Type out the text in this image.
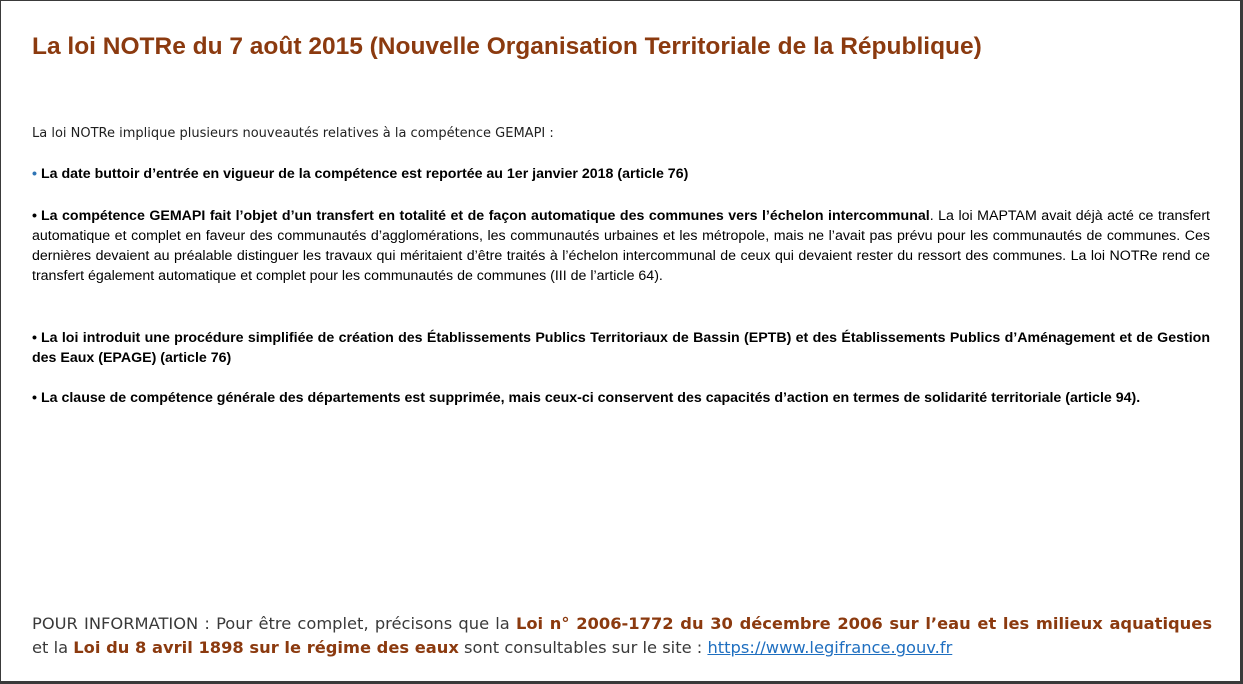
La loi NOTRe du 7 août 2015 (Nouvelle Organisation Territoriale de la République)

La loi NOTRe implique plusieurs nouveautés relatives à la compétence GEMAPI :

• La date buttoir d’entrée en vigueur de la compétence est reportée au 1er janvier 2018 (article 76)

• La compétence GEMAPI fait l’objet d’un transfert en totalité et de façon automatique des communes vers l’échelon intercommunal. La loi MAPTAM avait déjà acté ce transfert automatique et complet en faveur des communautés d’agglomérations, les communautés urbaines et les métropole, mais ne l’avait pas prévu pour les communautés de communes. Ces dernières devaient au préalable distinguer les travaux qui méritaient d’être traités à l’échelon intercommunal de ceux qui devaient rester du ressort des communes. La loi NOTRe rend ce transfert également automatique et complet pour les communautés de communes (III de l’article 64).

• La loi introduit une procédure simplifiée de création des Établissements Publics Territoriaux de Bassin (EPTB) et des Établissements Publics d’Aménagement et de Gestion des Eaux (EPAGE) (article 76)

• La clause de compétence générale des départements est supprimée, mais ceux-ci conservent des capacités d’action en termes de solidarité territoriale (article 94).

POUR INFORMATION : Pour être complet, précisons que la Loi n° 2006-1772 du 30 décembre 2006 sur l’eau et les milieux aquatiques et la Loi du 8 avril 1898 sur le régime des eaux sont consultables sur le site : https://www.legifrance.gouv.fr
